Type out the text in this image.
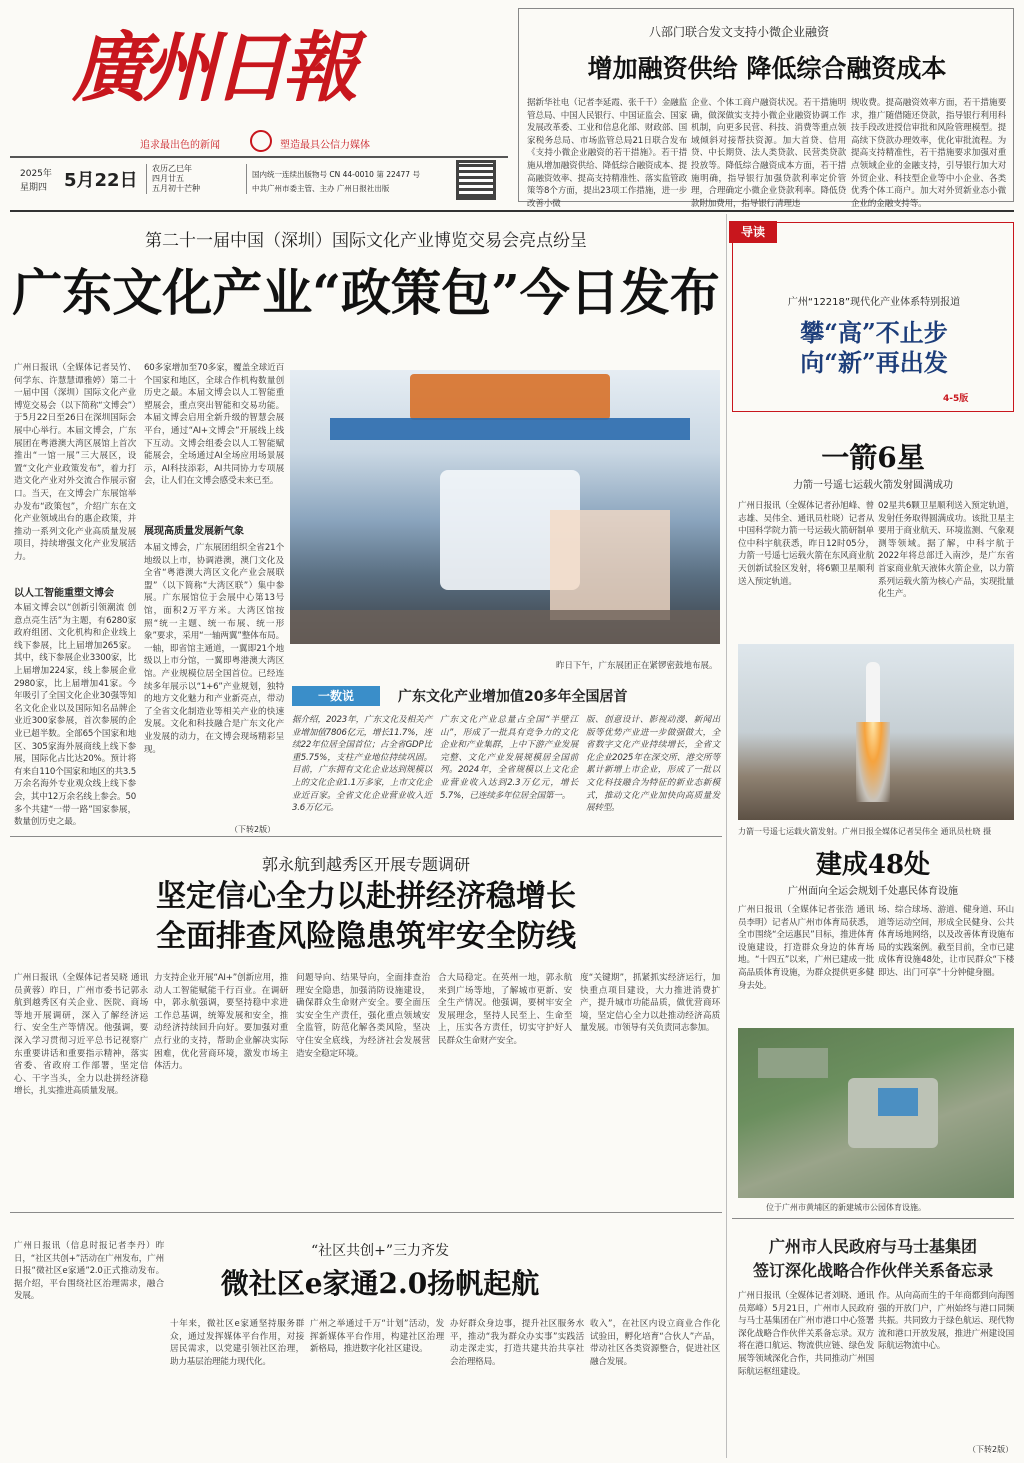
廣州日報
追求最出色的新闻	塑造最具公信力媒体
2025年
星期四 5月22日
农历乙巳年
四月廿五
五月初十芒种
国内统一连续出版物号 CN 44-0010 第 22477 号
中共广州市委主管、主办 广州日报社出版
八部门联合发文支持小微企业融资
增加融资供给 降低综合融资成本
据新华社电（记者李延霞、张千千）金融监管总局、中国人民银行、中国证监会、国家发展改革委、工业和信息化部、财政部、国家税务总局、市场监管总局21日联合发布《支持小微企业融资的若干措施》。若干措施从增加融资供给、降低综合融资成本、提高融资效率、提高支持精准性、落实监管政策等8个方面，提出23项工作措施，进一步改善小微
企业、个体工商户融资状况。若干措施明确，做深做实支持小微企业融资协调工作机制，向更多民营、科技、消费等重点领域倾斜对接帮扶资源。加大首贷、信用贷、中长期贷、法人类贷款、民营类贷款投放等。降低综合融资成本方面，若干措施明确，指导银行加强贷款利率定价管理，合理确定小微企业贷款利率。降低贷款附加费用，指导银行清理违
规收费。提高融资效率方面，若干措施要求，推广随借随还贷款，指导银行利用科技手段改进授信审批和风险管理模型。提高续下贷款办理效率，优化审批流程。为提高支持精准性，若干措施要求加强对重点领域企业的金融支持，引导银行加大对外贸企业、科技型企业等中小企业、各类优秀个体工商户。加大对外贸新业态小微企业的金融支持等。
第二十一届中国（深圳）国际文化产业博览交易会亮点纷呈
广东文化产业“政策包”今日发布
广州日报讯（全媒体记者吴竹、何学东、许慧慧谭雅婷）第二十一届中国（深圳）国际文化产业博览交易会（以下简称“文博会”）于5月22日至26日在深圳国际会展中心举行。本届文博会，广东展团在粤港澳大湾区展馆上首次推出“一馆一展”三大展区，设置“文化产业政策发布”，着力打造文化产业对外交流合作展示窗口。当天，在文博会广东展馆举办发布“政策包”，介绍广东在文化产业领域出台的惠企政策，并推动一系列文化产业高质量发展项目，持续增强文化产业发展活力。
以人工智能重塑文博会
本届文博会以“创新引领潮流 创意点亮生活”为主题，有6280家政府组团、文化机构和企业线上线下参展，比上届增加265家。其中，线下参展企业3300家，比上届增加224家，线上参展企业2980家，比上届增加41家。今年吸引了全国文化企业30强等知名文化企业以及国际知名品牌企业近300家参展，首次参展的企业已超半数。全部65个国家和地区、305家海外展商线上线下参展，国际化占比达20%。预计将有来自110个国家和地区的共3.5万余名海外专业观众线上线下参会，其中12万余名线上参会。50多个共建“一带一路”国家参展，数量创历史之最。
昨日下午，广东展团正在紧锣密鼓地布展。
60多家增加至70多家，覆盖全球近百个国家和地区，全球合作机构数量创历史之最。本届文博会以人工智能重塑展会，重点突出智能和交易功能。本届文博会启用全新升级的智慧会展平台，通过“AI+文博会”开展线上线下互动。文博会组委会以人工智能赋能展会，全场通过AI全场应用场景展示，AI科技添彩，AI共同协力专项展会，让人们在文博会感受未来已至。
展现高质量发展新气象
本届文博会，广东展团组织全省21个地级以上市，协调港澳，澳门文化及全省“粤港澳大湾区文化产业会展联盟”（以下简称“大湾区联”）集中参展。广东展馆位于会展中心第13号馆，面积2万平方米。大湾区馆按照“统一主题、统一布展、统一形象”要求，采用“一轴两翼”整体布局。一轴，即省馆主通道，一翼即21个地级以上市分馆，一翼即粤港澳大湾区馆。产业规模位居全国首位。已经连续多年展示以“1+6”产业规划，独特的地方文化魅力和产业新亮点，带动了全省文化制造业等相关产业的快速发展。文化和科技融合是广东文化产业发展的动力，在文博会现场精彩呈现。
（下转2版）
一数说	广东文化产业增加值20多年全国居首
据介绍，2023年，广东文化及相关产业增加值7806亿元，增长11.7%，连续22年位居全国首位；占全省GDP比重5.75%，支柱产业地位持续巩固。目前，广东拥有文化企业达到规模以上的文化企业1.1万多家，上市文化企业近百家。全省文化企业营业收入近3.6万亿元。
广东文化产业总量占全国“半壁江山”，形成了一批具有竞争力的文化企业和产业集群，上中下游产业发展完整、文化产业发展规模居全国前列。2024年，全省规模以上文化企业营业收入达到2.3万亿元，增长5.7%，已连续多年位居全国第一。
版、创意设计、影视动漫、新闻出版等优势产业进一步做强做大，全省数字文化产业持续增长，全省文化企业2025年在深交所、港交所等累计新增上市企业，形成了一批以文化科技融合为特征的新业态新模式，推动文化产业加快向高质量发展转型。
导读
广州“12218”现代化产业体系特别报道
攀“高”不止步
向“新”再出发
4-5版
一箭6星
力箭一号遥七运载火箭发射圆满成功
广州日报讯（全媒体记者孙旭峰、曾志雄、吴伟全、通讯员杜晓）记者从中国科学院力箭一号运载火箭研制单位中科宇航获悉，昨日12时05分，力箭一号遥七运载火箭在东风商业航天创新试验区发射，将6颗卫星顺利送入预定轨道。
02星共6颗卫星顺利送入预定轨道，发射任务取得圆满成功。该批卫星主要用于商业航天、环境监测、气象观测等领域。据了解，中科宇航于2022年将总部迁入南沙，是广东省首家商业航天液体火箭企业，以力箭系列运载火箭为核心产品，实现批量化生产。
力箭一号遥七运载火箭发射。广州日报全媒体记者吴伟全 通讯员杜晓 摄
建成48处
广州面向全运会规划千处惠民体育设施
广州日报讯（全媒体记者张浩 通讯员李明）记者从广州市体育局获悉，全市围绕“全运惠民”目标，推进体育设施建设，打造群众身边的体育场地。“十四五”以来，广州已建成一批高品质体育设施，为群众提供更多健身去处。
场、综合球场、游道、健身道、环山道等运动空间，形成全民健身、公共体育场地网络，以及改善体育设施布局的实践案例。截至目前，全市已建成体育设施48处，让市民群众“下楼即达、出门可享”十分钟健身圈。
位于广州市黄埔区的新建城市公园体育设施。
广州市人民政府与马士基集团
签订深化战略合作伙伴关系备忘录
广州日报讯（全媒体记者刘晓、通讯员郑峰）5月21日，广州市人民政府与马士基集团在广州市港口中心签署深化战略合作伙伴关系备忘录。双方将在港口航运、物流供应链、绿色发展等领域深化合作，共同推动广州国际航运枢纽建设。
作。从向高而生的千年商都到向海图强的开放门户，广州始终与港口同频共振。共同致力于绿色航运、现代物流和港口开放发展，推进广州建设国际航运物流中心。
（下转2版）
郭永航到越秀区开展专题调研
坚定信心全力以赴拼经济稳增长
全面排查风险隐患筑牢安全防线
广州日报讯（全媒体记者吴晓 通讯员黄蓉）昨日，广州市委书记郭永航到越秀区有关企业、医院、商场等地开展调研，深入了解经济运行、安全生产等情况。他强调，要深入学习贯彻习近平总书记视察广东重要讲话和重要指示精神，落实省委、省政府工作部署，坚定信心、干字当头，全力以赴拼经济稳增长，扎实推进高质量发展。
力支持企业开展“AI+”创新应用，推动人工智能赋能千行百业。在调研中，郭永航强调，要坚持稳中求进工作总基调，统筹发展和安全，推动经济持续回升向好。要加强对重点行业的支持，帮助企业解决实际困难，优化营商环境，激发市场主体活力。
问题导向、结果导向，全面排查治理安全隐患，加强消防设施建设，确保群众生命财产安全。要全面压实安全生产责任，强化重点领域安全监管，防范化解各类风险，坚决守住安全底线，为经济社会发展营造安全稳定环境。
合大局稳定。在英州一地，郭永航来到广场等地，了解城市更新、安全生产情况。他强调，要树牢安全发展理念，坚持人民至上、生命至上，压实各方责任，切实守护好人民群众生命财产安全。
度“关键期”，抓紧抓实经济运行，加快重点项目建设，大力推进消费扩产，提升城市功能品质，做优营商环境，坚定信心全力以赴推动经济高质量发展。市领导有关负责同志参加。
“社区共创+”三力齐发
微社区e家通2.0扬帆起航
广州日报讯（信息时报记者李丹）昨日，“社区共创+”活动在广州发布，广州日报“微社区e家通”2.0正式推动发布。据介绍，平台围绕社区治理需求，融合发展。
十年来，微社区e家通坚持服务群众，通过发挥媒体平台作用，对接居民需求，以党建引领社区治理，助力基层治理能力现代化。
广州之举通过千万“计划”活动，发挥新媒体平台作用，构建社区治理新格局，推进数字化社区建设。
办好群众身边事，提升社区服务水平，推动“我为群众办实事”实践活动走深走实，打造共建共治共享社会治理格局。
收入”，在社区内设立商业合作化试验田，孵化培育“合伙人”产品，带动社区各类资源整合，促进社区融合发展。
